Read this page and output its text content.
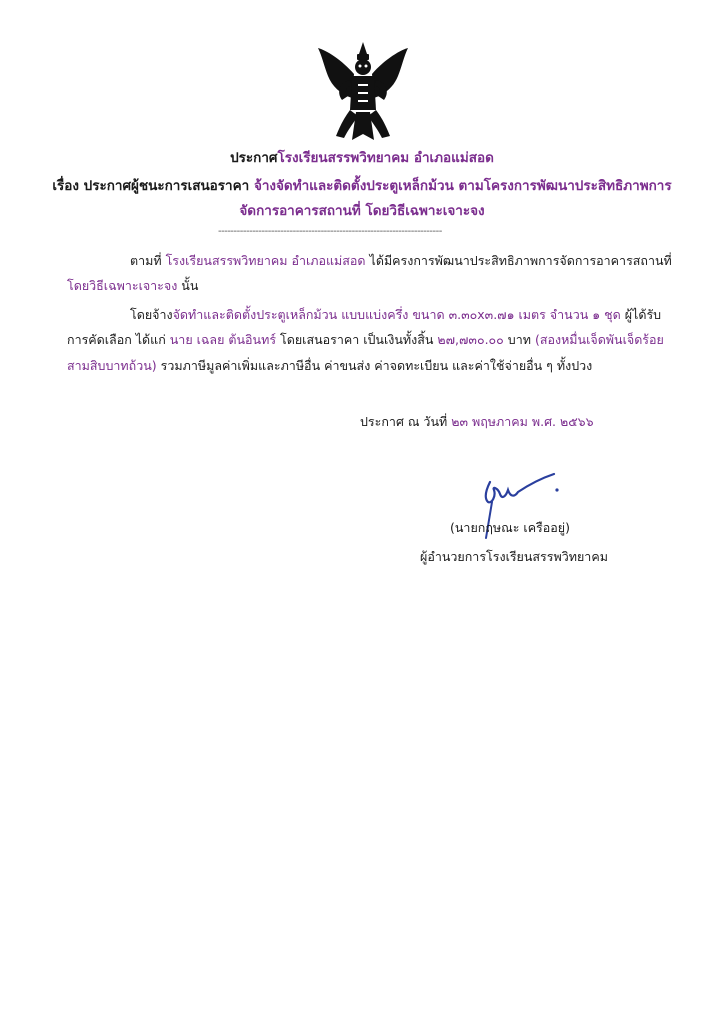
ประกาศโรงเรียนสรรพวิทยาคม อำเภอแม่สอด
เรื่อง ประกาศผู้ชนะการเสนอราคา จ้างจัดทำและติดตั้งประตูเหล็กม้วน ตามโครงการพัฒนาประสิทธิภาพการ
จัดการอาคารสถานที่ โดยวิธีเฉพาะเจาะจง
------------------------------------------------------------------------
ตามที่ โรงเรียนสรรพวิทยาคม อำเภอแม่สอด ได้มีครงการพัฒนาประสิทธิภาพการจัดการอาคารสถานที่
โดยวิธีเฉพาะเจาะจง นั้น
โดยจ้างจัดทำและติดตั้งประตูเหล็กม้วน แบบแบ่งครึ่ง ขนาด ๓.๓๐x๓.๗๑ เมตร จำนวน ๑ ชุด ผู้ได้รับ
การคัดเลือก ได้แก่ นาย เฉลย ต้นอินทร์ โดยเสนอราคา เป็นเงินทั้งสิ้น ๒๗,๗๓๐.๐๐ บาท (สองหมื่นเจ็ดพันเจ็ดร้อย
สามสิบบาทถ้วน) รวมภาษีมูลค่าเพิ่มและภาษีอื่น ค่าขนส่ง ค่าจดทะเบียน และค่าใช้จ่ายอื่น ๆ ทั้งปวง
ประกาศ ณ วันที่ ๒๓ พฤษภาคม พ.ศ. ๒๕๖๖
(นายกฤษณะ เครืออยู่)
ผู้อำนวยการโรงเรียนสรรพวิทยาคม
